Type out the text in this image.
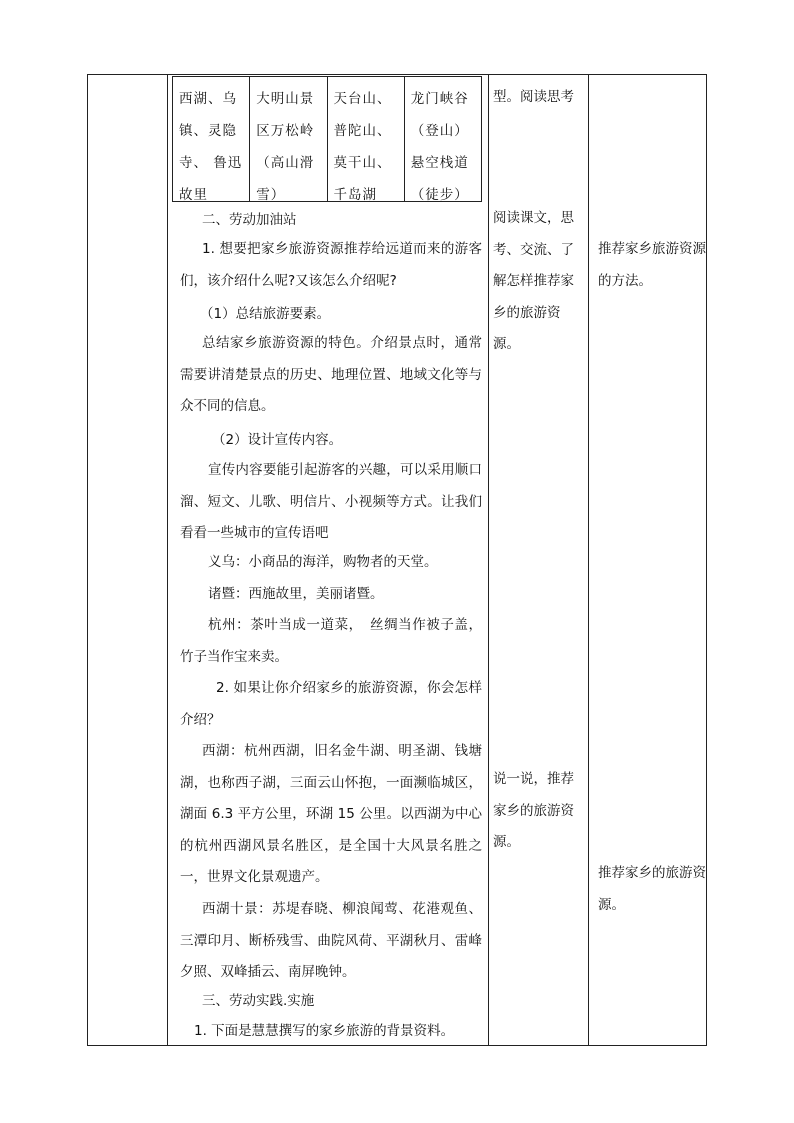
西湖、乌
镇、灵隐
寺、 鲁迅
故里
大明山景
区万松岭
（高山滑
雪）
天台山、
普陀山、
莫干山、
千岛湖
龙门峡谷
（登山）
悬空栈道
（徒步）
型。阅读思考
阅读课文，思考、交流、了解怎样推荐家乡的旅游资源。
说一说，推荐家乡的旅游资源。
推荐家乡旅游资源的方法。
推荐家乡的旅游资源。
二、劳动加油站
1. 想要把家乡旅游资源推荐给远道而来的游客们，该介绍什么呢?又该怎么介绍呢?
（1）总结旅游要素。
总结家乡旅游资源的特色。介绍景点时，通常需要讲清楚景点的历史、地理位置、地域文化等与众不同的信息。
（2）设计宣传内容。
宣传内容要能引起游客的兴趣，可以采用顺口溜、短文、儿歌、明信片、小视频等方式。让我们看看一些城市的宣传语吧
义乌：小商品的海洋，购物者的天堂。
诸暨：西施故里，美丽诸暨。
杭州：茶叶当成一道菜，　丝绸当作被子盖，竹子当作宝来卖。
2. 如果让你介绍家乡的旅游资源，你会怎样介绍？
西湖：杭州西湖，旧名金牛湖、明圣湖、钱塘湖，也称西子湖，三面云山怀抱，一面濒临城区，湖面 6.3 平方公里，环湖 15 公里。以西湖为中心的杭州西湖风景名胜区，是全国十大风景名胜之一，世界文化景观遗产。
西湖十景：苏堤春晓、柳浪闻莺、花港观鱼、三潭印月、断桥残雪、曲院风荷、平湖秋月、雷峰夕照、双峰插云、南屏晚钟。
三、劳动实践.实施
1. 下面是慧慧撰写的家乡旅游的背景资料。
